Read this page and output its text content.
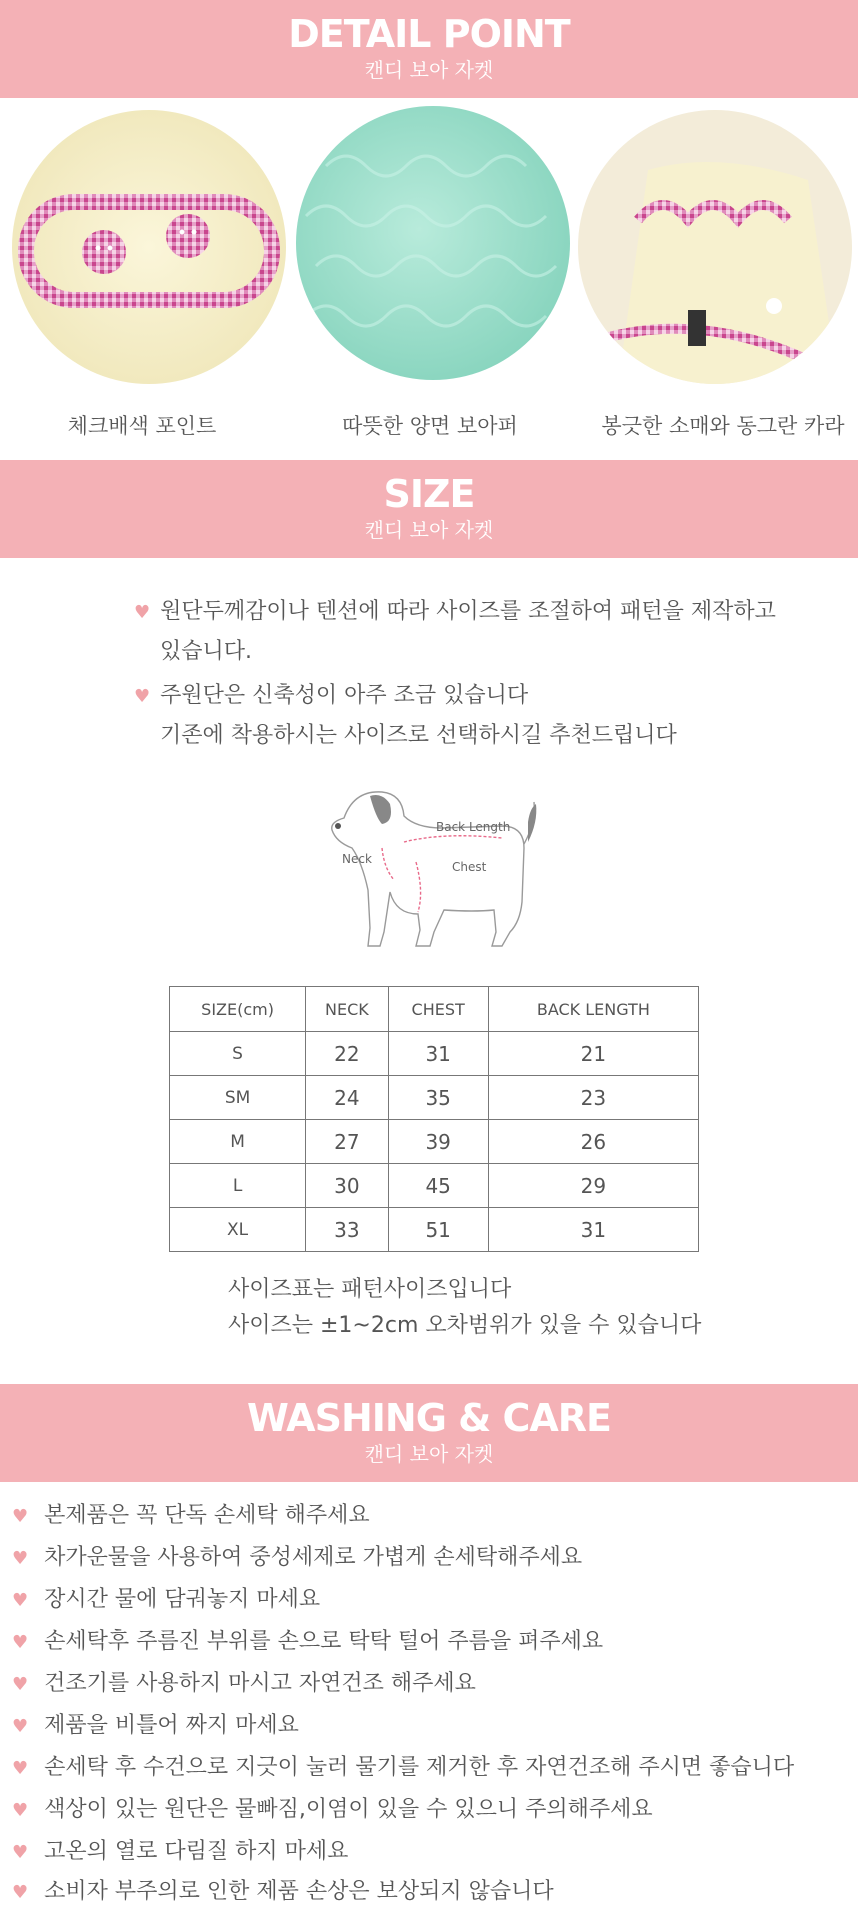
DETAIL POINT
캔디 보아 자켓
체크배색 포인트	따뜻한 양면 보아퍼	봉긋한 소매와 동그란 카라
SIZE
캔디 보아 자켓
♥ 원단두께감이나 텐션에 따라 사이즈를 조절하여 패턴을 제작하고
있습니다.
♥ 주원단은 신축성이 아주 조금 있습니다
기존에 착용하시는 사이즈로 선택하시길 추천드립니다
Back Length
Neck
Chest
SIZE(cm)	NECK	CHEST	BACK LENGTH
S	22	31	21
SM	24	35	23
M	27	39	26
L	30	45	29
XL	33	51	31
사이즈표는 패턴사이즈입니다
사이즈는 ±1~2cm 오차범위가 있을 수 있습니다
WASHING & CARE
캔디 보아 자켓
♥ 본제품은 꼭 단독 손세탁 해주세요
♥ 차가운물을 사용하여 중성세제로 가볍게 손세탁해주세요
♥ 장시간 물에 담궈놓지 마세요
♥ 손세탁후 주름진 부위를 손으로 탁탁 털어 주름을 펴주세요
♥ 건조기를 사용하지 마시고 자연건조 해주세요
♥ 제품을 비틀어 짜지 마세요
♥ 손세탁 후 수건으로 지긋이 눌러 물기를 제거한 후 자연건조해 주시면 좋습니다
♥ 색상이 있는 원단은 물빠짐,이염이 있을 수 있으니 주의해주세요
♥ 고온의 열로 다림질 하지 마세요
♥ 소비자 부주의로 인한 제품 손상은 보상되지 않습니다
